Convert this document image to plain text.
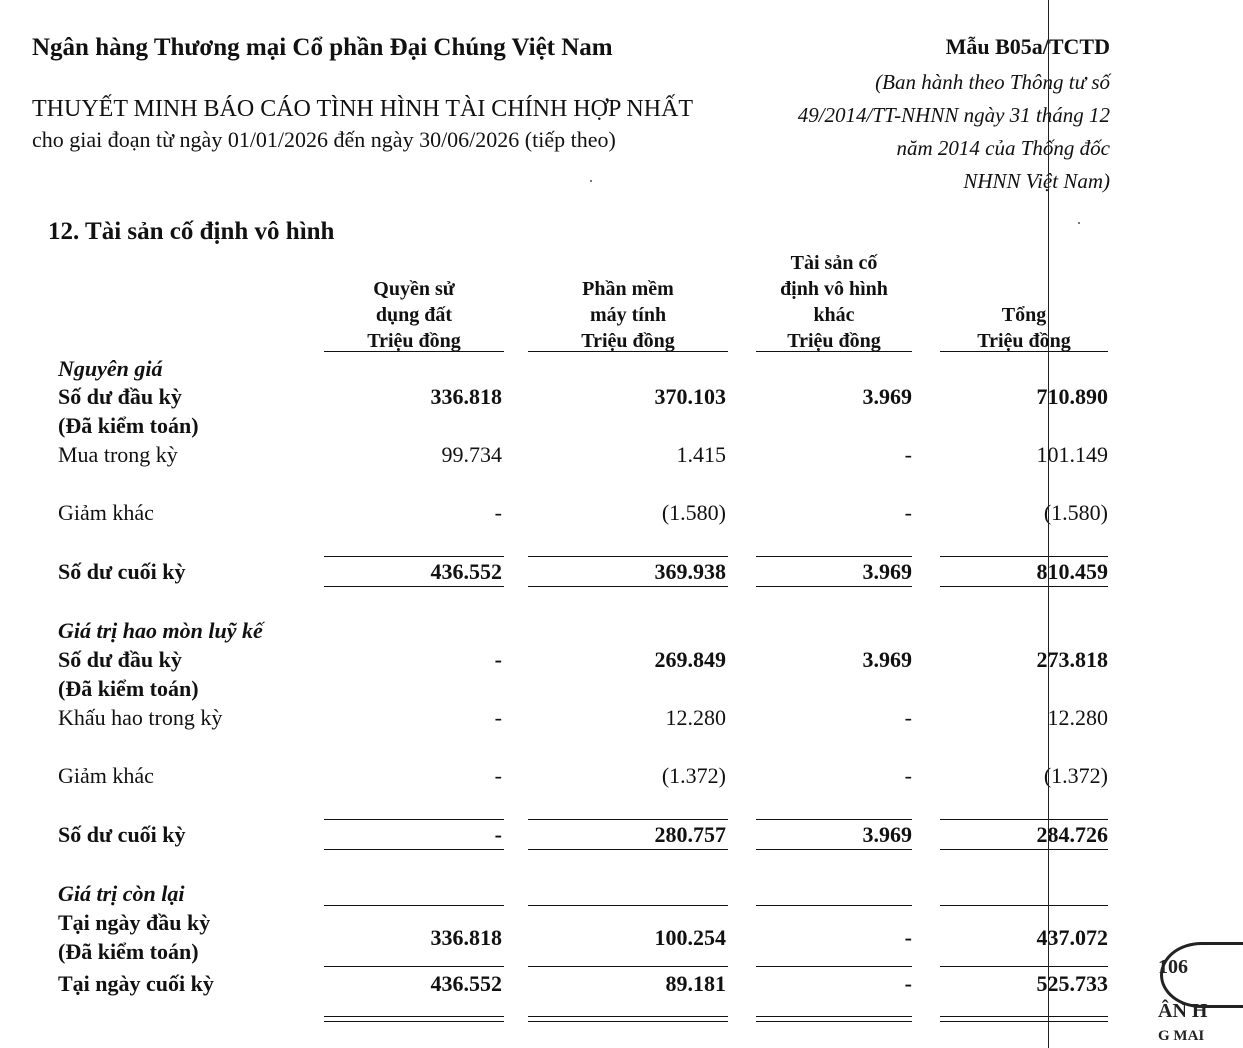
Ngân hàng Thương mại Cổ phần Đại Chúng Việt Nam
THUYẾT MINH BÁO CÁO TÌNH HÌNH TÀI CHÍNH HỢP NHẤT
cho giai đoạn từ ngày 01/01/2026 đến ngày 30/06/2026 (tiếp theo)
Mẫu B05a/TCTD
(Ban hành theo Thông tư số
49/2014/TT-NHNN ngày 31 tháng 12
năm 2014 của Thống đốc
NHNN Việt Nam)
12. Tài sản cố định vô hình
Quyền sử
dụng đất
Triệu đồng
Phần mềm
máy tính
Triệu đồng
Tài sản cố
định vô hình
khác
Triệu đồng
Tổng
Triệu đồng
Nguyên giá
Số dư đầu kỳ
(Đã kiểm toán)
336.818	370.103	3.969	710.890
Mua trong kỳ	99.734	1.415	-	101.149
Giảm khác	-	(1.580)	-	(1.580)
Số dư cuối kỳ	436.552	369.938	3.969	810.459
Giá trị hao mòn luỹ kế
Số dư đầu kỳ
(Đã kiểm toán)
-	269.849	3.969	273.818
Khấu hao trong kỳ	-	12.280	-	12.280
Giảm khác	-	(1.372)	-	(1.372)
Số dư cuối kỳ	-	280.757	3.969	284.726
Giá trị còn lại
Tại ngày đầu kỳ
(Đã kiểm toán)
336.818	100.254	-	437.072
Tại ngày cuối kỳ	436.552	89.181	-	525.733
106
ÂN H
G MAI
